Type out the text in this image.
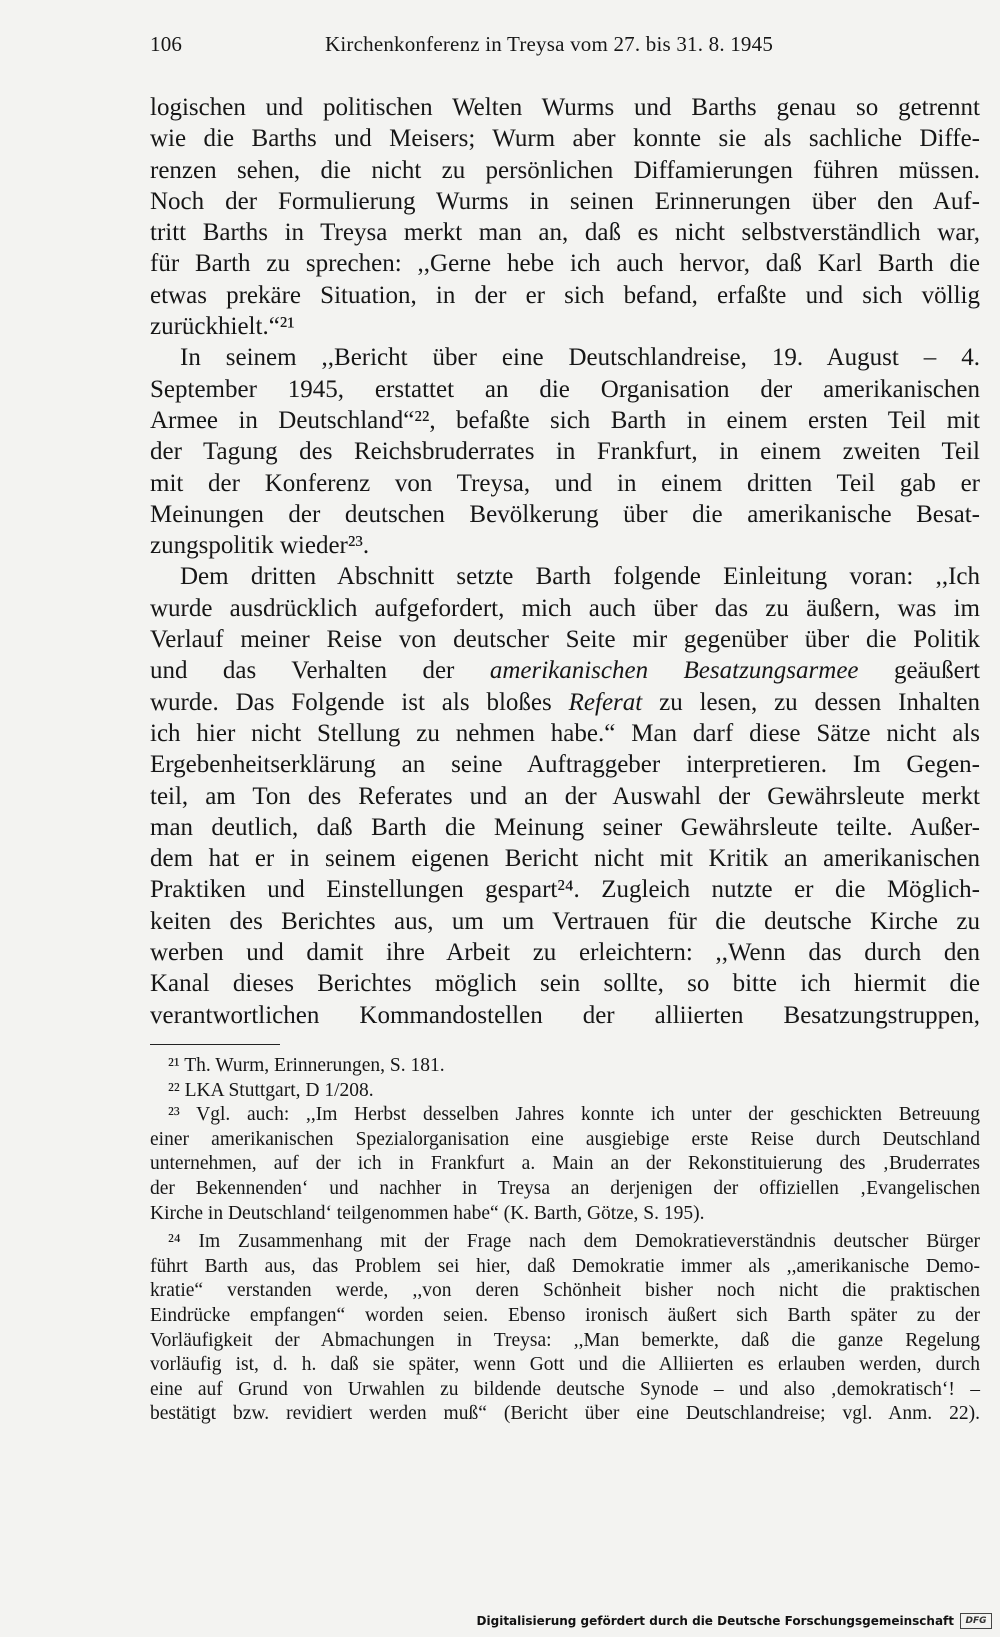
106	Kirchenkonferenz in Treysa vom 27. bis 31. 8. 1945
logischen und politischen Welten Wurms und Barths genau so getrennt
wie die Barths und Meisers; Wurm aber konnte sie als sachliche Diffe-
renzen sehen, die nicht zu persönlichen Diffamierungen führen müssen.
Noch der Formulierung Wurms in seinen Erinnerungen über den Auf-
tritt Barths in Treysa merkt man an, daß es nicht selbstverständlich war,
für Barth zu sprechen: ,,Gerne hebe ich auch hervor, daß Karl Barth die
etwas prekäre Situation, in der er sich befand, erfaßte und sich völlig
zurückhielt.“²¹
In seinem ,,Bericht über eine Deutschlandreise, 19. August – 4.
September 1945, erstattet an die Organisation der amerikanischen
Armee in Deutschland“²², befaßte sich Barth in einem ersten Teil mit
der Tagung des Reichsbruderrates in Frankfurt, in einem zweiten Teil
mit der Konferenz von Treysa, und in einem dritten Teil gab er
Meinungen der deutschen Bevölkerung über die amerikanische Besat-
zungspolitik wieder²³.
Dem dritten Abschnitt setzte Barth folgende Einleitung voran: ,,Ich
wurde ausdrücklich aufgefordert, mich auch über das zu äußern, was im
Verlauf meiner Reise von deutscher Seite mir gegenüber über die Politik
und das Verhalten der amerikanischen Besatzungsarmee geäußert
wurde. Das Folgende ist als bloßes Referat zu lesen, zu dessen Inhalten
ich hier nicht Stellung zu nehmen habe.“ Man darf diese Sätze nicht als
Ergebenheitserklärung an seine Auftraggeber interpretieren. Im Gegen-
teil, am Ton des Referates und an der Auswahl der Gewährsleute merkt
man deutlich, daß Barth die Meinung seiner Gewährsleute teilte. Außer-
dem hat er in seinem eigenen Bericht nicht mit Kritik an amerikanischen
Praktiken und Einstellungen gespart²⁴. Zugleich nutzte er die Möglich-
keiten des Berichtes aus, um um Vertrauen für die deutsche Kirche zu
werben und damit ihre Arbeit zu erleichtern: ,,Wenn das durch den
Kanal dieses Berichtes möglich sein sollte, so bitte ich hiermit die
verantwortlichen Kommandostellen der alliierten Besatzungstruppen,
²¹ Th. Wurm, Erinnerungen, S. 181.
²² LKA Stuttgart, D 1/208.
²³ Vgl. auch: ,,Im Herbst desselben Jahres konnte ich unter der geschickten Betreuung
einer amerikanischen Spezialorganisation eine ausgiebige erste Reise durch Deutschland
unternehmen, auf der ich in Frankfurt a. Main an der Rekonstituierung des ‚Bruderrates
der Bekennenden‘ und nachher in Treysa an derjenigen der offiziellen ‚Evangelischen
Kirche in Deutschland‘ teilgenommen habe“ (K. Barth, Götze, S. 195).
²⁴ Im Zusammenhang mit der Frage nach dem Demokratieverständnis deutscher Bürger
führt Barth aus, das Problem sei hier, daß Demokratie immer als ,,amerikanische Demo-
kratie“ verstanden werde, ,,von deren Schönheit bisher noch nicht die praktischen
Eindrücke empfangen“ worden seien. Ebenso ironisch äußert sich Barth später zu der
Vorläufigkeit der Abmachungen in Treysa: ,,Man bemerkte, daß die ganze Regelung
vorläufig ist, d. h. daß sie später, wenn Gott und die Alliierten es erlauben werden, durch
eine auf Grund von Urwahlen zu bildende deutsche Synode – und also ‚demokratisch‘! –
bestätigt bzw. revidiert werden muß“ (Bericht über eine Deutschlandreise; vgl. Anm. 22).
Digitalisierung gefördert durch die Deutsche Forschungsgemeinschaft	DFG
